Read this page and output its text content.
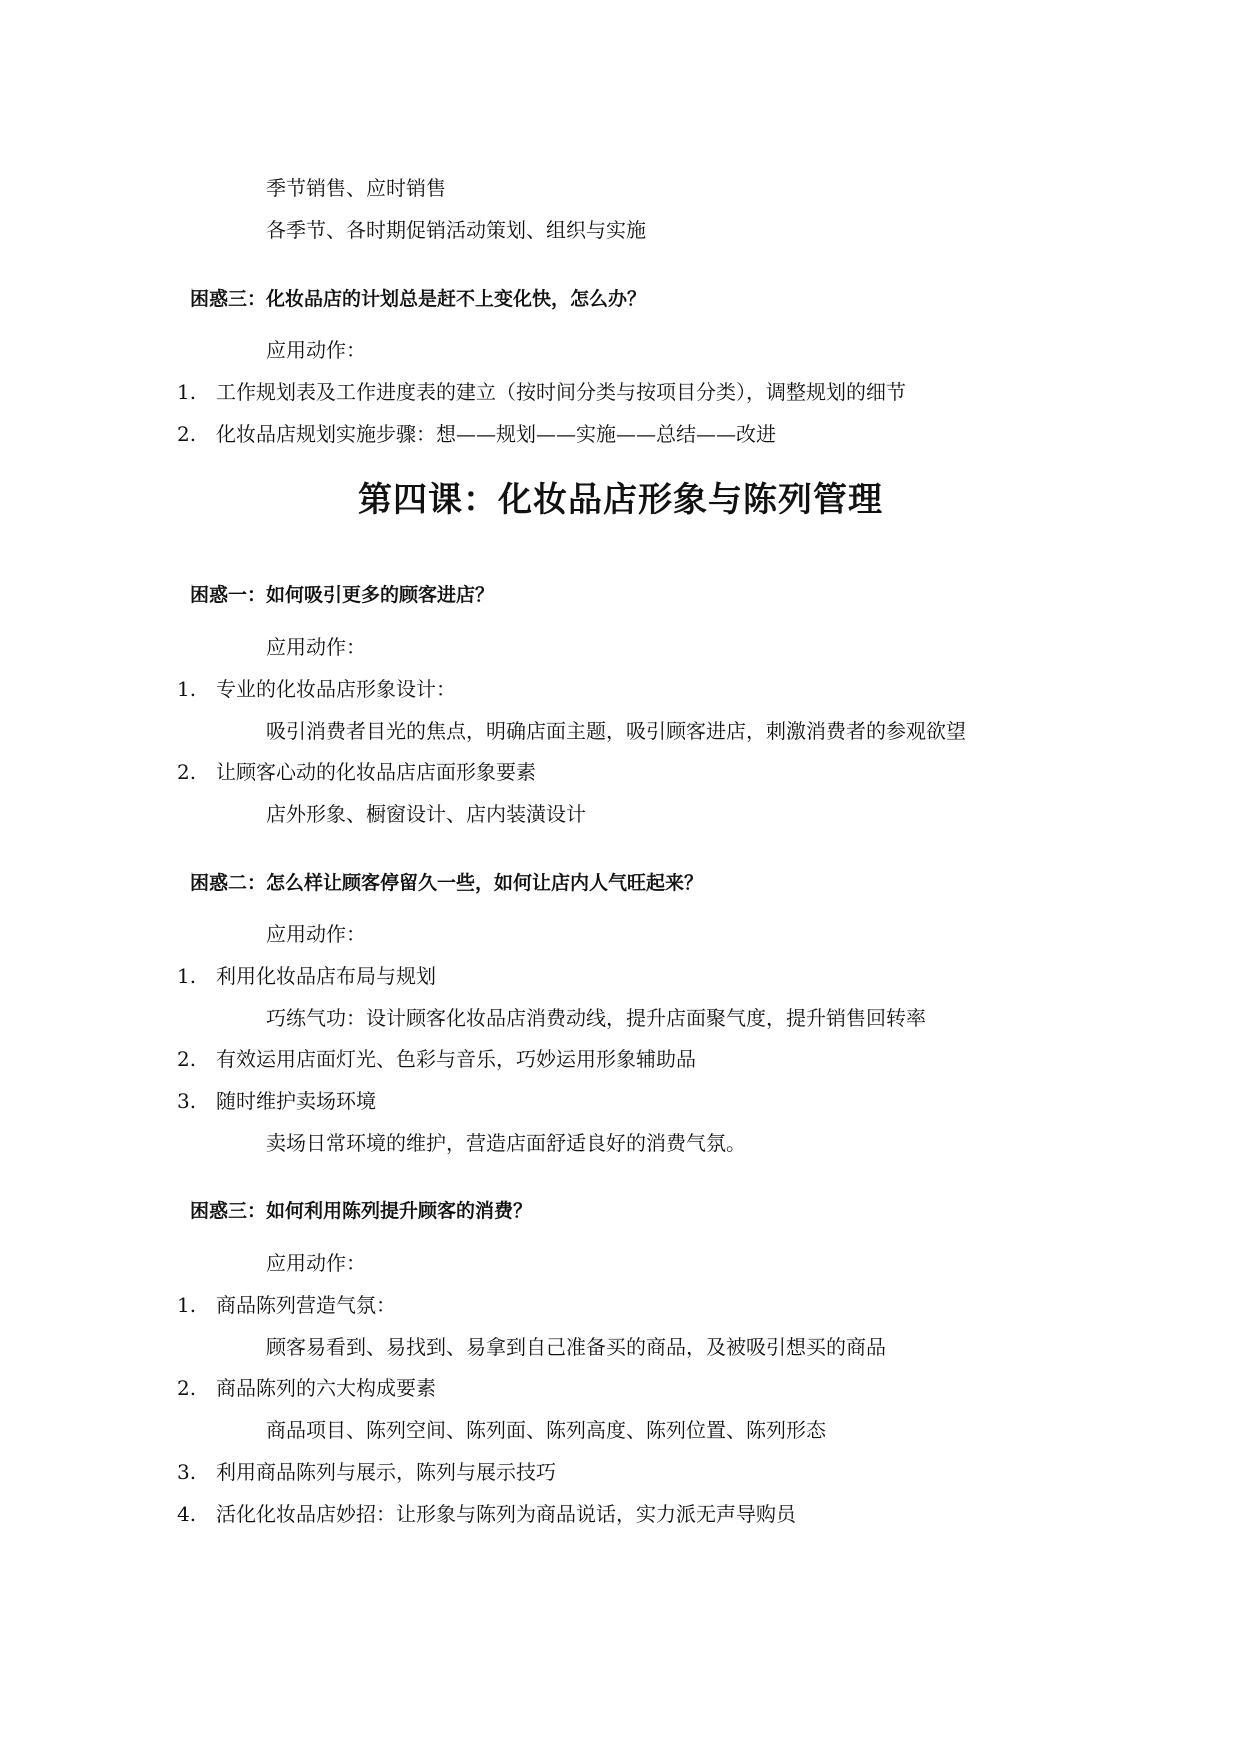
季节销售、应时销售
各季节、各时期促销活动策划、组织与实施
困惑三：化妆品店的计划总是赶不上变化快，怎么办？
应用动作：
1. 工作规划表及工作进度表的建立（按时间分类与按项目分类），调整规划的细节
2. 化妆品店规划实施步骤：想——规划——实施——总结——改进
第四课：化妆品店形象与陈列管理
困惑一：如何吸引更多的顾客进店？
应用动作：
1. 专业的化妆品店形象设计：
吸引消费者目光的焦点，明确店面主题，吸引顾客进店，刺激消费者的参观欲望
2. 让顾客心动的化妆品店店面形象要素
店外形象、橱窗设计、店内装潢设计
困惑二：怎么样让顾客停留久一些，如何让店内人气旺起来？
应用动作：
1. 利用化妆品店布局与规划
巧练气功：设计顾客化妆品店消费动线，提升店面聚气度，提升销售回转率
2. 有效运用店面灯光、色彩与音乐，巧妙运用形象辅助品
3. 随时维护卖场环境
卖场日常环境的维护，营造店面舒适良好的消费气氛。
困惑三：如何利用陈列提升顾客的消费？
应用动作：
1. 商品陈列营造气氛：
顾客易看到、易找到、易拿到自己准备买的商品，及被吸引想买的商品
2. 商品陈列的六大构成要素
商品项目、陈列空间、陈列面、陈列高度、陈列位置、陈列形态
3. 利用商品陈列与展示，陈列与展示技巧
4. 活化化妆品店妙招：让形象与陈列为商品说话，实力派无声导购员
